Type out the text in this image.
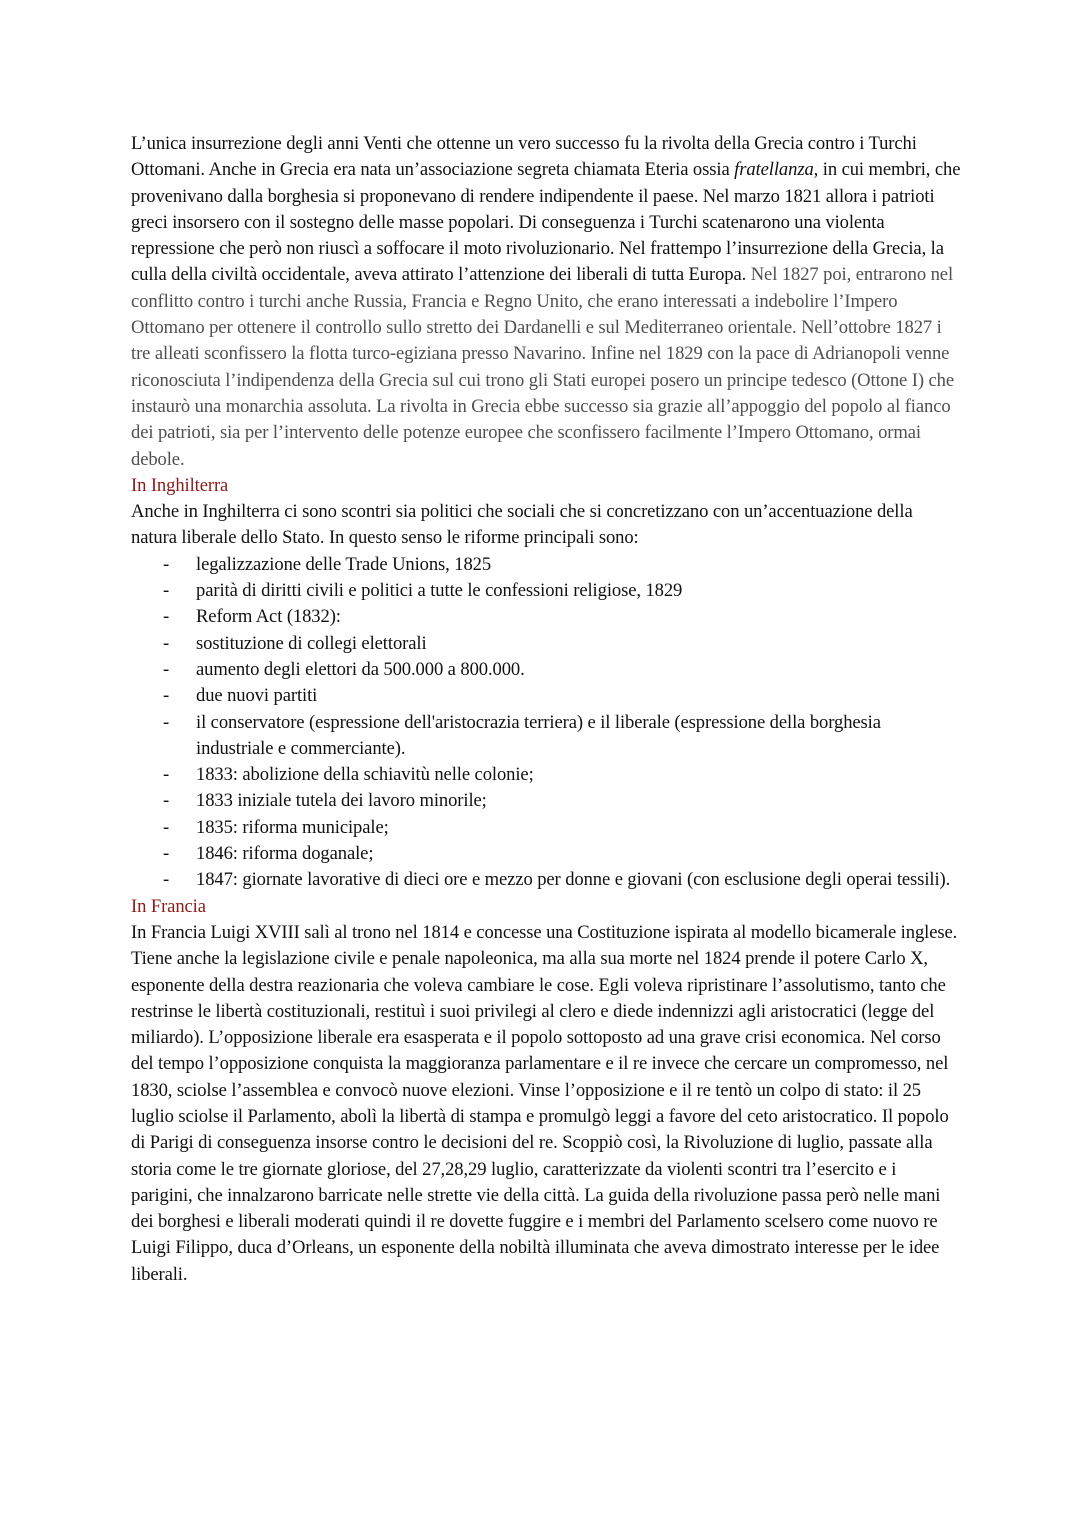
L’unica insurrezione degli anni Venti che ottenne un vero successo fu la rivolta della Grecia contro i Turchi Ottomani. Anche in Grecia era nata un’associazione segreta chiamata Eteria ossia fratellanza, in cui membri, che provenivano dalla borghesia si proponevano di rendere indipendente il paese. Nel marzo 1821 allora i patrioti greci insorsero con il sostegno delle masse popolari. Di conseguenza i Turchi scatenarono una violenta repressione che però non riuscì a soffocare il moto rivoluzionario. Nel frattempo l’insurrezione della Grecia, la culla della civiltà occidentale, aveva attirato l’attenzione dei liberali di tutta Europa. Nel 1827 poi, entrarono nel conflitto contro i turchi anche Russia, Francia e Regno Unito, che erano interessati a indebolire l’Impero Ottomano per ottenere il controllo sullo stretto dei Dardanelli e sul Mediterraneo orientale. Nell’ottobre 1827 i tre alleati sconfissero la flotta turco-egiziana presso Navarino. Infine nel 1829 con la pace di Adrianopoli venne riconosciuta l’indipendenza della Grecia sul cui trono gli Stati europei posero un principe tedesco (Ottone I) che instaurò una monarchia assoluta. La rivolta in Grecia ebbe successo sia grazie all’appoggio del popolo al fianco dei patrioti, sia per l’intervento delle potenze europee che sconfissero facilmente l’Impero Ottomano, ormai debole.

In Inghilterra

Anche in Inghilterra ci sono scontri sia politici che sociali che si concretizzano con un’accentuazione della natura liberale dello Stato. In questo senso le riforme principali sono:

- legalizzazione delle Trade Unions, 1825
- parità di diritti civili e politici a tutte le confessioni religiose, 1829
- Reform Act (1832):
- sostituzione di collegi elettorali
- aumento degli elettori da 500.000 a 800.000.
- due nuovi partiti
- il conservatore (espressione dell'aristocrazia terriera) e il liberale (espressione della borghesia industriale e commerciante).
- 1833: abolizione della schiavitù nelle colonie;
- 1833 iniziale tutela dei lavoro minorile;
- 1835: riforma municipale;
- 1846: riforma doganale;
- 1847: giornate lavorative di dieci ore e mezzo per donne e giovani (con esclusione degli operai tessili).

In Francia

In Francia Luigi XVIII salì al trono nel 1814 e concesse una Costituzione ispirata al modello bicamerale inglese. Tiene anche la legislazione civile e penale napoleonica, ma alla sua morte nel 1824 prende il potere Carlo X, esponente della destra reazionaria che voleva cambiare le cose. Egli voleva ripristinare l’assolutismo, tanto che restrinse le libertà costituzionali, restituì i suoi privilegi al clero e diede indennizzi agli aristocratici (legge del miliardo). L’opposizione liberale era esasperata e il popolo sottoposto ad una grave crisi economica. Nel corso del tempo l’opposizione conquista la maggioranza parlamentare e il re invece che cercare un compromesso, nel 1830, sciolse l’assemblea e convocò nuove elezioni. Vinse l’opposizione e il re tentò un colpo di stato: il 25 luglio sciolse il Parlamento, abolì la libertà di stampa e promulgò leggi a favore del ceto aristocratico. Il popolo di Parigi di conseguenza insorse contro le decisioni del re. Scoppiò così, la Rivoluzione di luglio, passate alla storia come le tre giornate gloriose, del 27,28,29 luglio, caratterizzate da violenti scontri tra l’esercito e i parigini, che innalzarono barricate nelle strette vie della città. La guida della rivoluzione passa però nelle mani dei borghesi e liberali moderati quindi il re dovette fuggire e i membri del Parlamento scelsero come nuovo re Luigi Filippo, duca d’Orleans, un esponente della nobiltà illuminata che aveva dimostrato interesse per le idee liberali.
